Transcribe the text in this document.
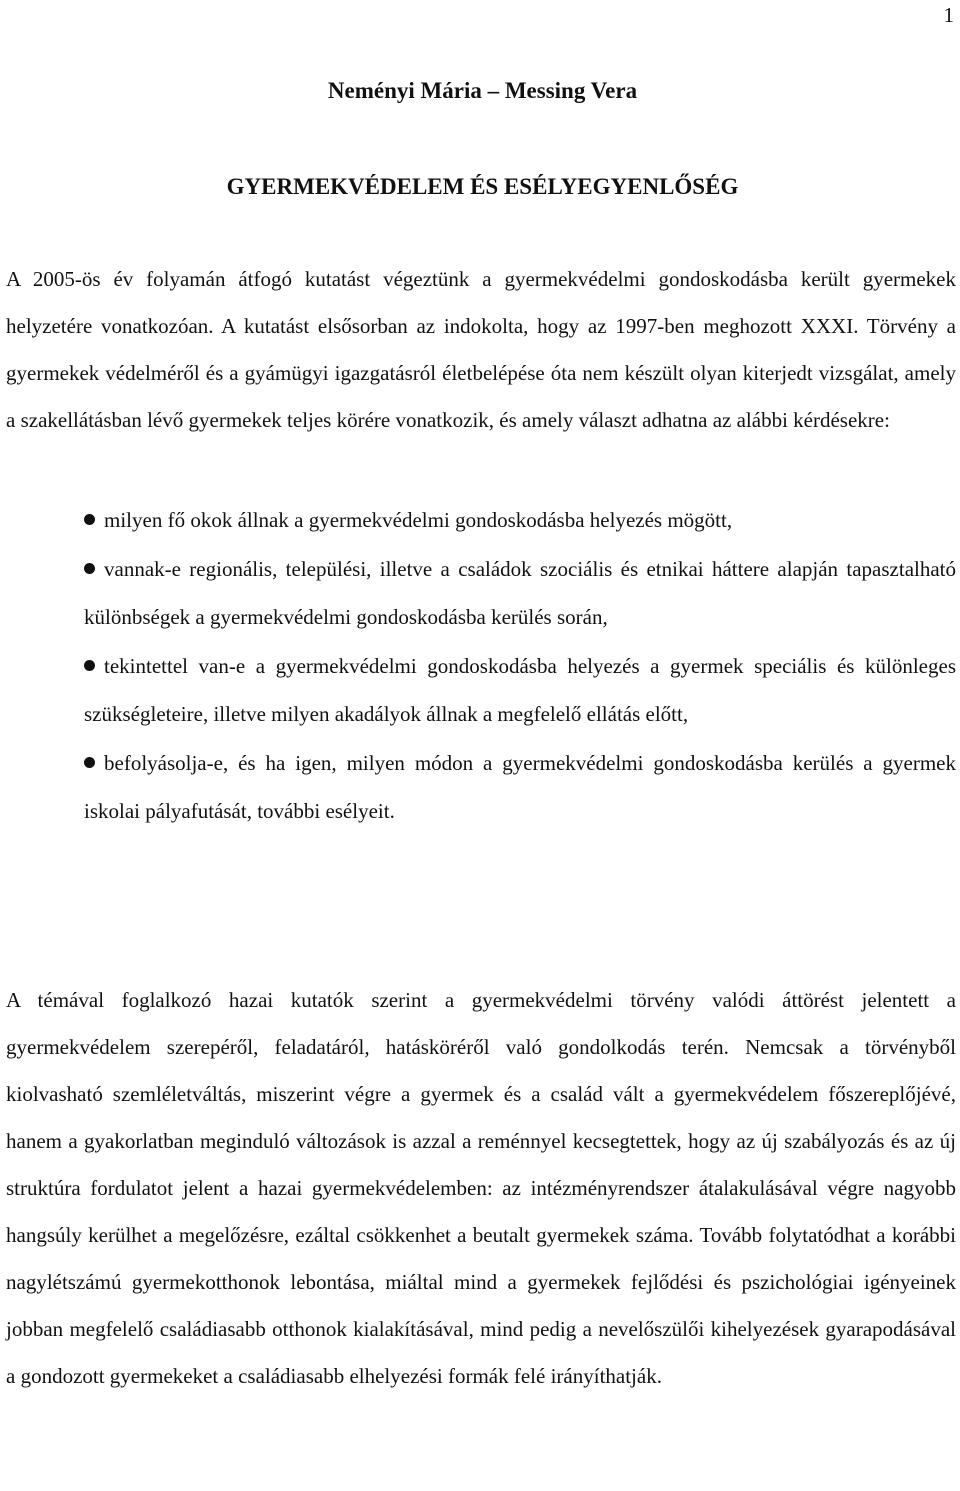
1
Neményi Mária – Messing Vera
GYERMEKVÉDELEM ÉS ESÉLYEGYENLŐSÉG

A 2005-ös év folyamán átfogó kutatást végeztünk a gyermekvédelmi gondoskodásba került gyermekek helyzetére vonatkozóan. A kutatást elsősorban az indokolta, hogy az 1997-ben meghozott XXXI. Törvény a gyermekek védelméről és a gyámügyi igazgatásról életbelépése óta nem készült olyan kiterjedt vizsgálat, amely a szakellátásban lévő gyermekek teljes körére vonatkozik, és amely választ adhatna az alábbi kérdésekre:

milyen fő okok állnak a gyermekvédelmi gondoskodásba helyezés mögött,
vannak-e regionális, települési, illetve a családok szociális és etnikai háttere alapján tapasztalható különbségek a gyermekvédelmi gondoskodásba kerülés során,
tekintettel van-e a gyermekvédelmi gondoskodásba helyezés a gyermek speciális és különleges szükségleteire, illetve milyen akadályok állnak a megfelelő ellátás előtt,
befolyásolja-e, és ha igen, milyen módon a gyermekvédelmi gondoskodásba kerülés a gyermek iskolai pályafutását, további esélyeit.

A témával foglalkozó hazai kutatók szerint a gyermekvédelmi törvény valódi áttörést jelentett a gyermekvédelem szerepéről, feladatáról, hatásköréről való gondolkodás terén. Nemcsak a törvényből kiolvasható szemléletváltás, miszerint végre a gyermek és a család vált a gyermekvédelem főszereplőjévé, hanem a gyakorlatban meginduló változások is azzal a reménnyel kecsegtettek, hogy az új szabályozás és az új struktúra fordulatot jelent a hazai gyermekvédelemben: az intézményrendszer átalakulásával végre nagyobb hangsúly kerülhet a megelőzésre, ezáltal csökkenhet a beutalt gyermekek száma. Tovább folytatódhat a korábbi nagylétszámú gyermekotthonok lebontása, miáltal mind a gyermekek fejlődési és pszichológiai igényeinek jobban megfelelő családiasabb otthonok kialakításával, mind pedig a nevelőszülői kihelyezések gyarapodásával a gondozott gyermekeket a családiasabb elhelyezési formák felé irányíthatják.
